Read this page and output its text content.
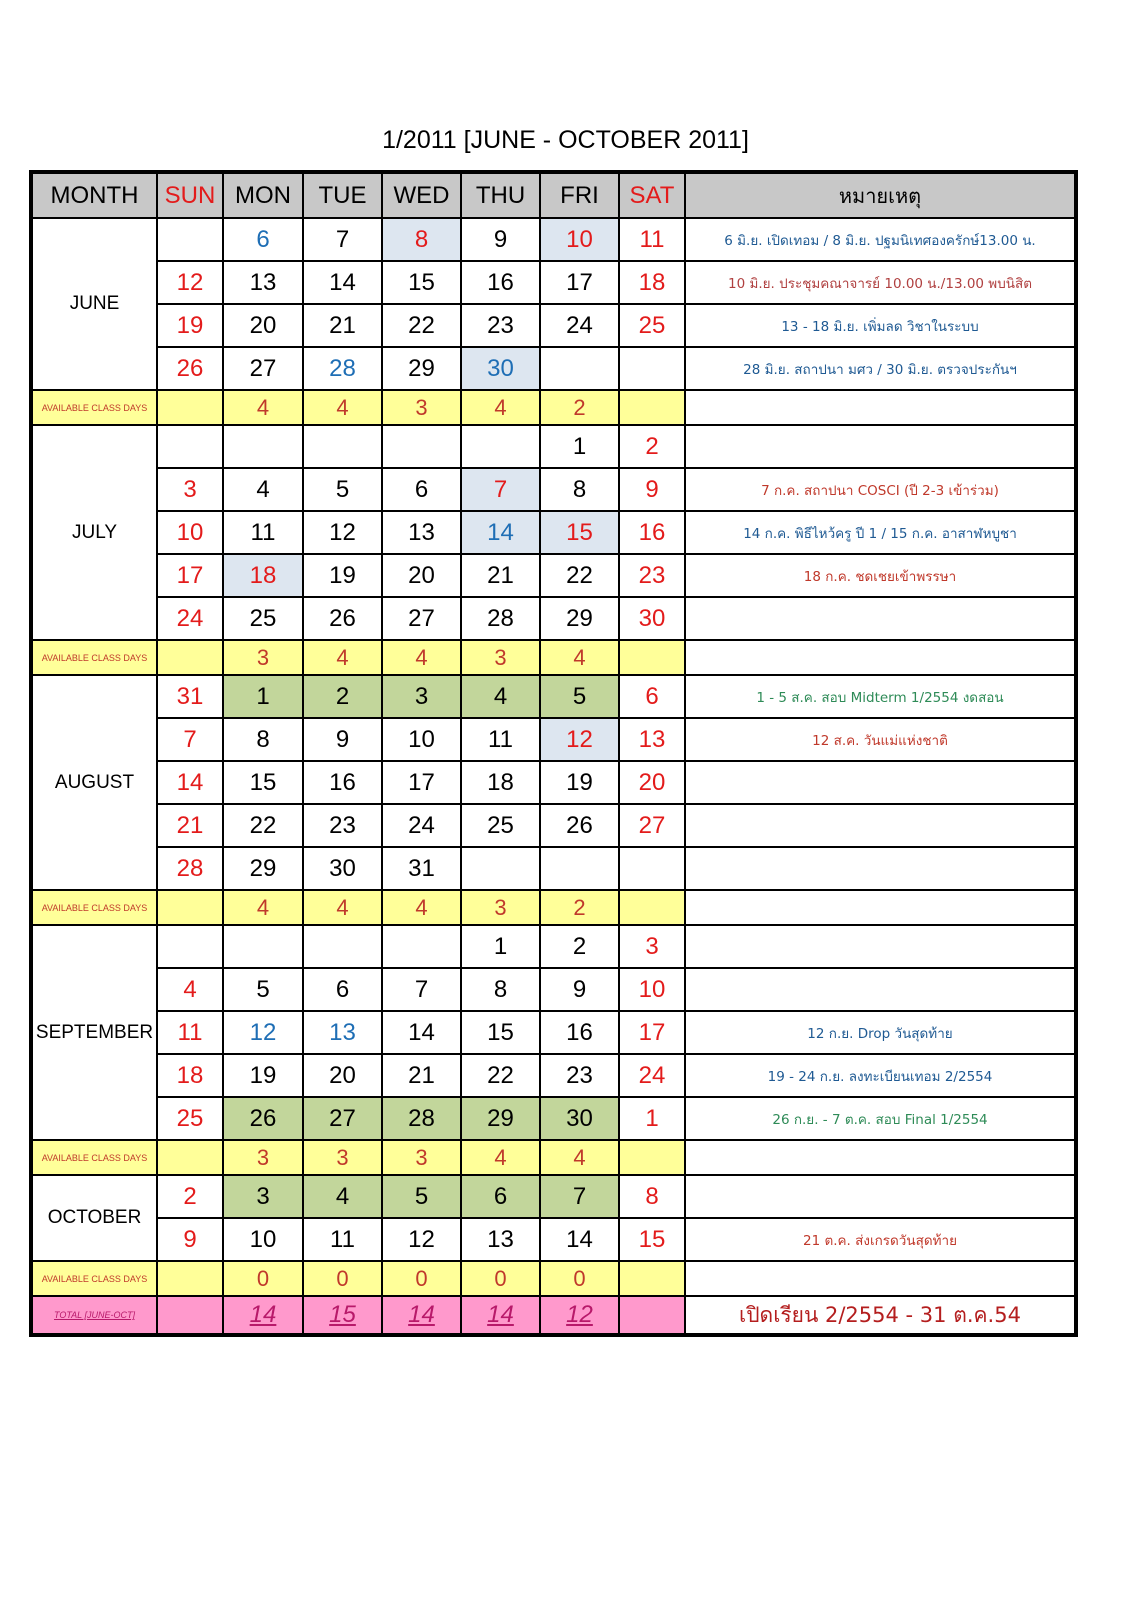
1/2011 [JUNE - OCTOBER 2011]
MONTH	SUN	MON	TUE	WED	THU	FRI	SAT	หมายเหตุ
JUNE		6	7	8	9	10	11	6 มิ.ย. เปิดเทอม / 8 มิ.ย. ปฐมนิเทศองครักษ์13.00 น.
	12	13	14	15	16	17	18	10 มิ.ย. ประชุมคณาจารย์ 10.00 น./13.00 พบนิสิต
	19	20	21	22	23	24	25	13 - 18 มิ.ย. เพิ่มลด วิชาในระบบ
	26	27	28	29	30			28 มิ.ย. สถาปนา มศว / 30 มิ.ย. ตรวจประกันฯ
AVAILABLE CLASS DAYS		4	4	3	4	2		
JULY						1	2	
	3	4	5	6	7	8	9	7 ก.ค. สถาปนา COSCI (ปี 2-3 เข้าร่วม)
	10	11	12	13	14	15	16	14 ก.ค. พิธีไหว้ครู ปี 1 / 15 ก.ค. อาสาฬหบูชา
	17	18	19	20	21	22	23	18 ก.ค. ชดเชยเข้าพรรษา
	24	25	26	27	28	29	30	
AVAILABLE CLASS DAYS		3	4	4	3	4		
AUGUST	31	1	2	3	4	5	6	1 - 5 ส.ค. สอบ Midterm 1/2554 งดสอน
	7	8	9	10	11	12	13	12 ส.ค. วันแม่แห่งชาติ
	14	15	16	17	18	19	20	
	21	22	23	24	25	26	27	
	28	29	30	31				
AVAILABLE CLASS DAYS		4	4	4	3	2		
SEPTEMBER					1	2	3	
	4	5	6	7	8	9	10	
	11	12	13	14	15	16	17	12 ก.ย. Drop วันสุดท้าย
	18	19	20	21	22	23	24	19 - 24 ก.ย. ลงทะเบียนเทอม 2/2554
	25	26	27	28	29	30	1	26 ก.ย. - 7 ต.ค. สอบ Final 1/2554
AVAILABLE CLASS DAYS		3	3	3	4	4		
OCTOBER	2	3	4	5	6	7	8	
	9	10	11	12	13	14	15	21 ต.ค. ส่งเกรดวันสุดท้าย
AVAILABLE CLASS DAYS		0	0	0	0	0		
TOTAL [JUNE-OCT]		14	15	14	14	12		เปิดเรียน 2/2554 - 31 ต.ค.54
